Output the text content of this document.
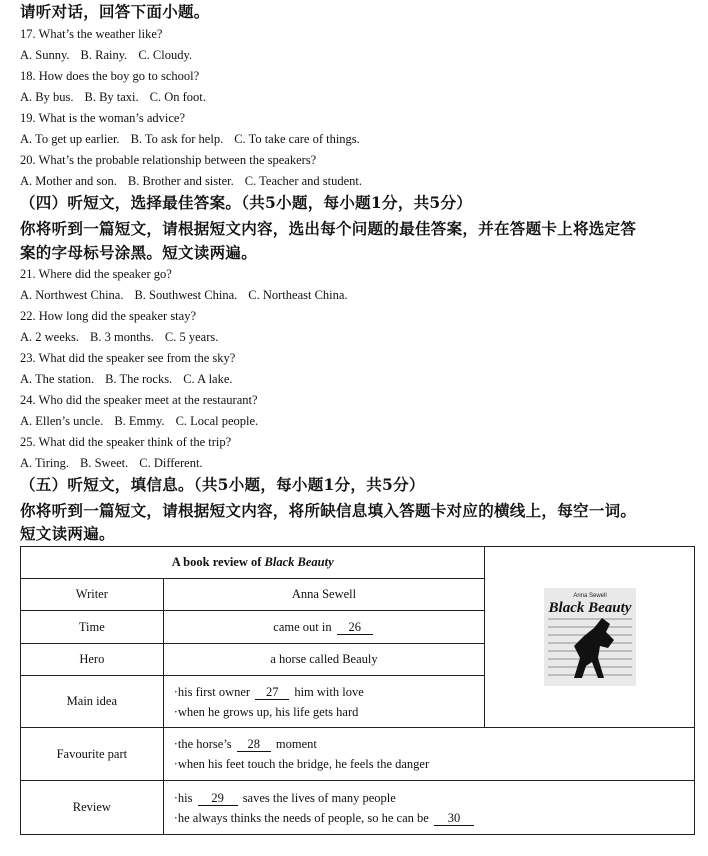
请听对话，回答下面小题。
17. What’s the weather like?
A. Sunny. B. Rainy. C. Cloudy.
18. How does the boy go to school?
A. By bus. B. By taxi. C. On foot.
19. What is the woman’s advice?
A. To get up earlier. B. To ask for help. C. To take care of things.
20. What’s the probable relationship between the speakers?
A. Mother and son. B. Brother and sister. C. Teacher and student.
（四）听短文，选择最佳答案。（共5小题，每小题1分，共5分）
你将听到一篇短文，请根据短文内容，选出每个问题的最佳答案，并在答题卡上将选定答
案的字母标号涂黑。短文读两遍。
21. Where did the speaker go?
A. Northwest China. B. Southwest China. C. Northeast China.
22. How long did the speaker stay?
A. 2 weeks. B. 3 months. C. 5 years.
23. What did the speaker see from the sky?
A. The station. B. The rocks. C. A lake.
24. Who did the speaker meet at the restaurant?
A. Ellen’s uncle. B. Emmy. C. Local people.
25. What did the speaker think of the trip?
A. Tiring. B. Sweet. C. Different.
（五）听短文，填信息。（共5小题，每小题1分，共5分）
你将听到一篇短文，请根据短文内容，将所缺信息填入答题卡对应的横线上，每空一词。
短文读两遍。
A book review of Black Beauty		Anna Sewell
Black Beauty

Writer	Anna Sewell	
Time	came out in 26	
Hero	a horse called Beauly	
Main idea	·his first owner 27 him with love
·when he grows up, his life gets hard	

Favourite part	·the horse’s 28 moment
·when his feet touch the bridge, he feels the danger	

Review	·his 29 saves the lives of many people
·he always thinks the needs of people, so he can be 30	
